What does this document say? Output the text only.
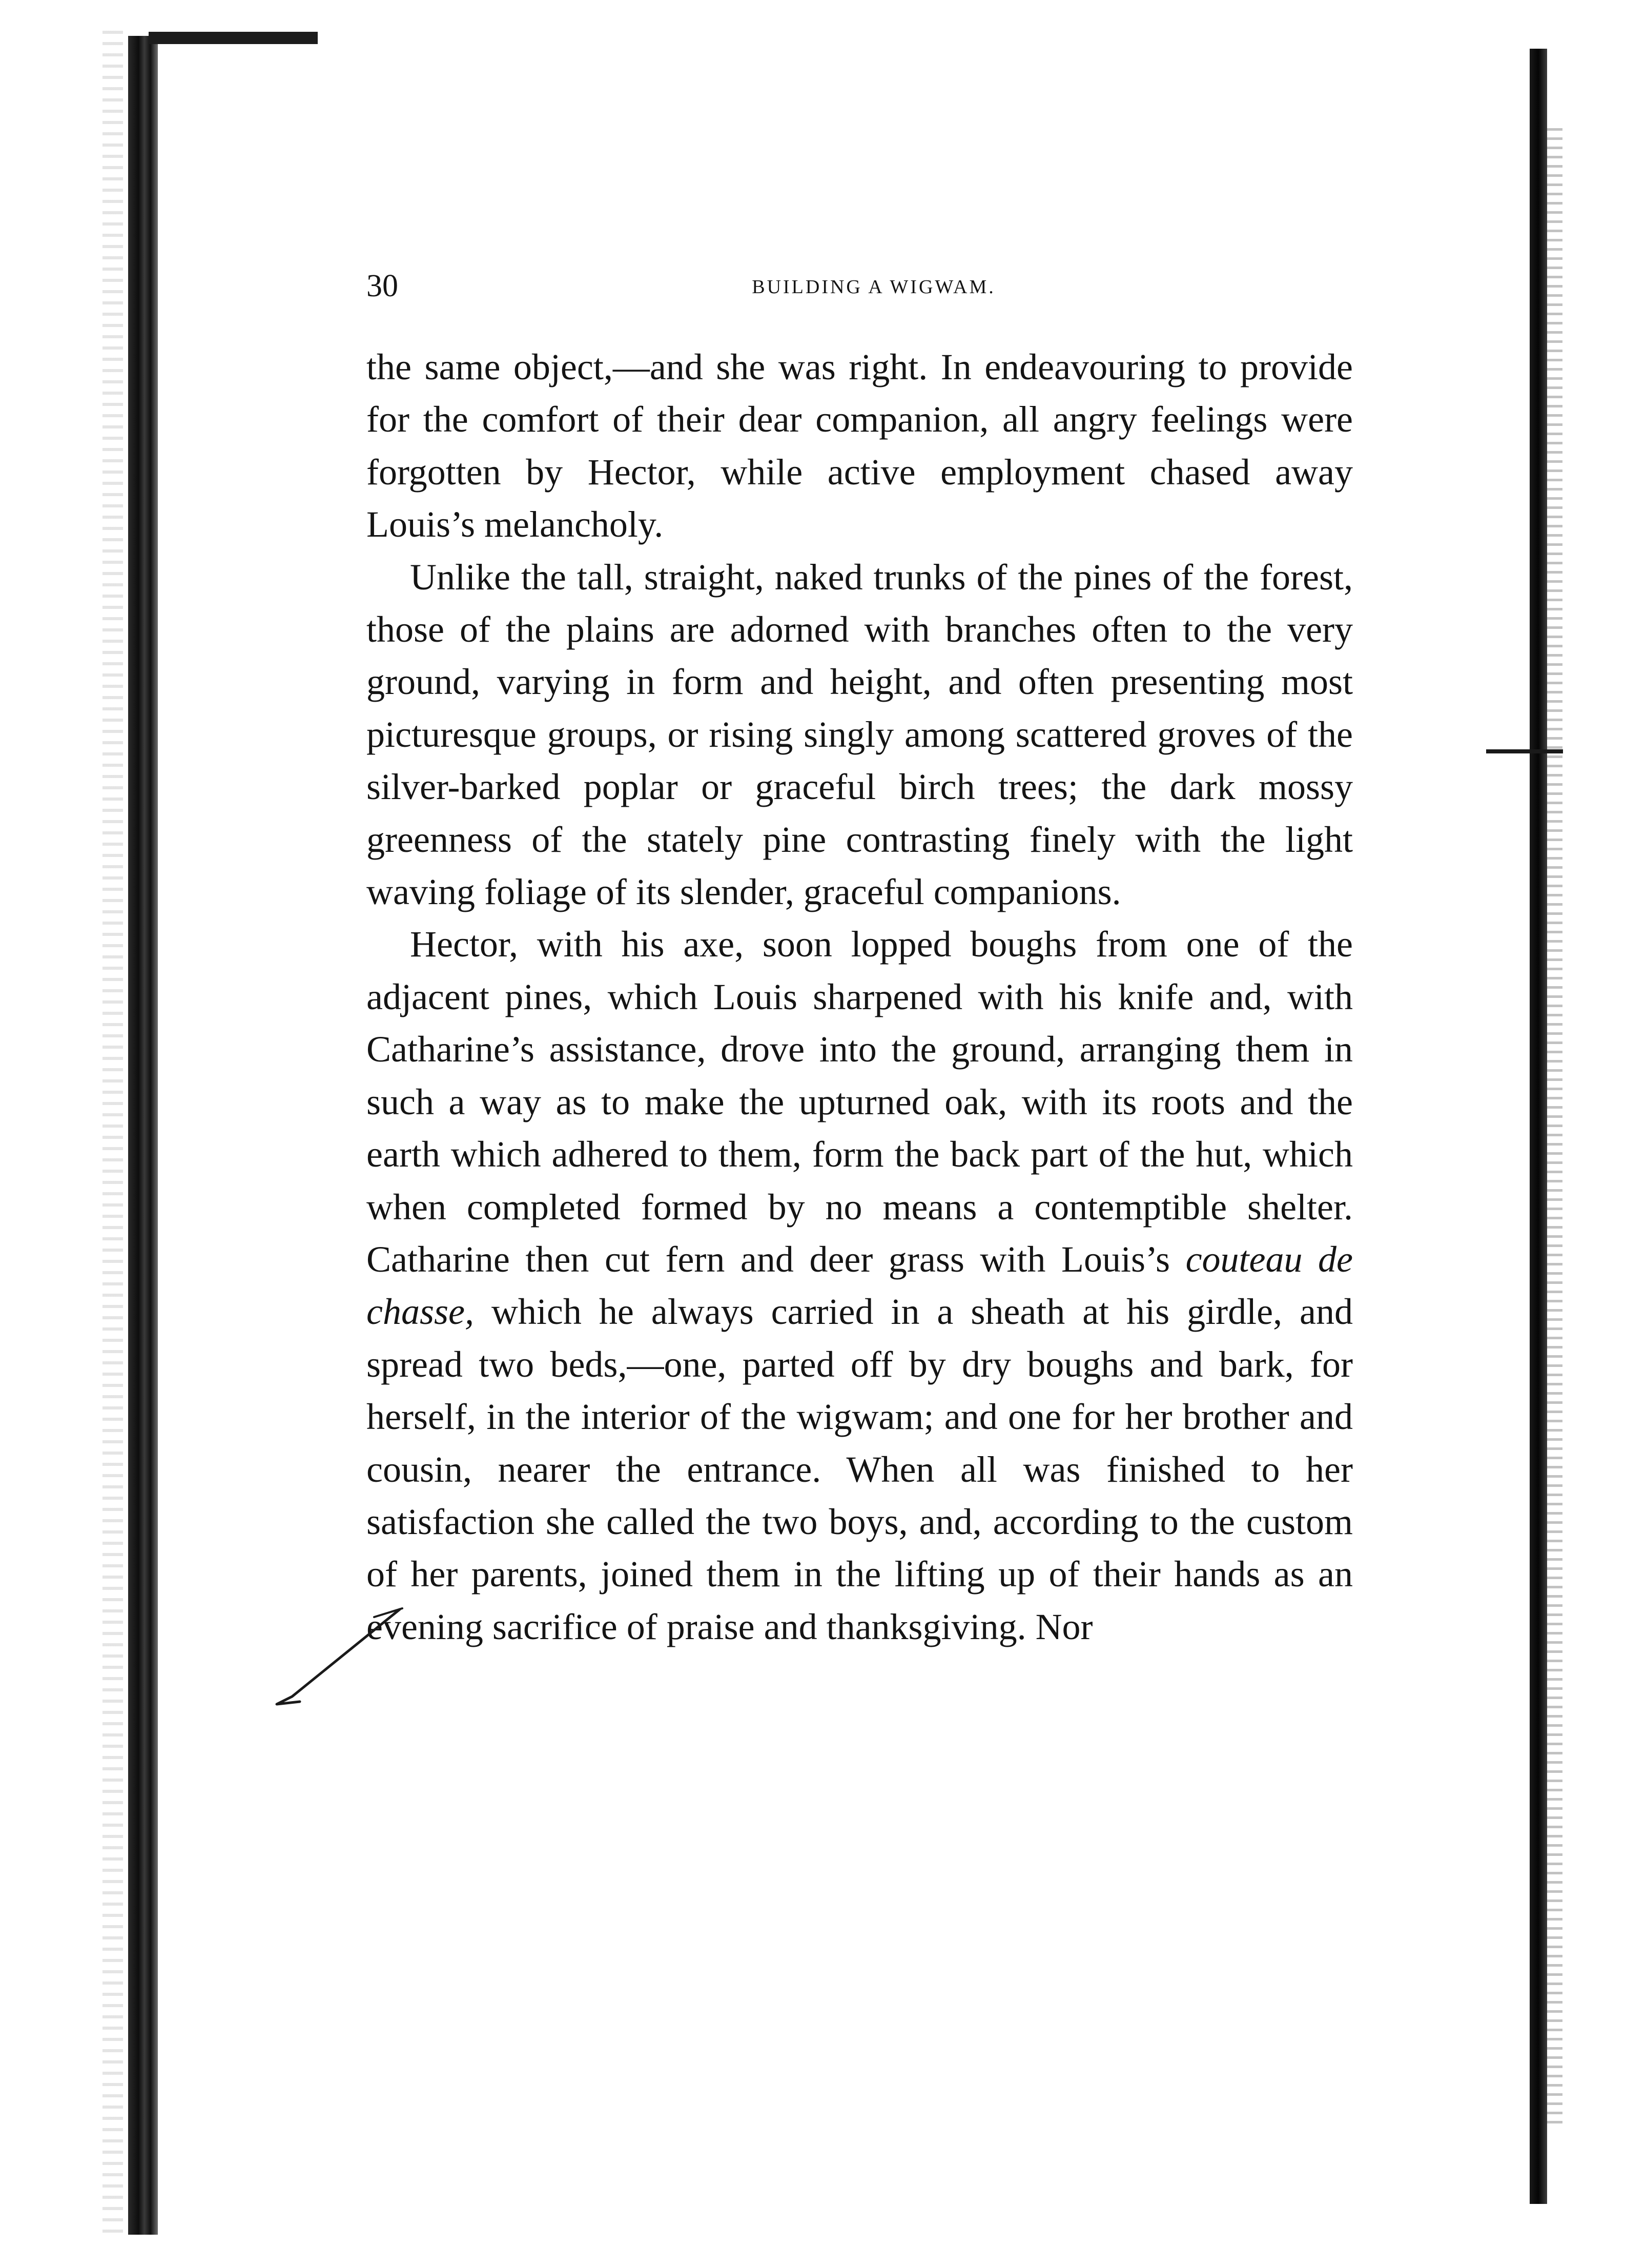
30	BUILDING A WIGWAM.

the same object,—and she was right. In endeavouring to provide for the comfort of their dear companion, all angry feelings were forgotten by Hector, while active employment chased away Louis’s melancholy.

Unlike the tall, straight, naked trunks of the pines of the forest, those of the plains are adorned with branches often to the very ground, varying in form and height, and often presenting most picturesque groups, or rising singly among scattered groves of the silver-barked poplar or graceful birch trees; the dark mossy greenness of the stately pine contrasting finely with the light waving foliage of its slender, graceful companions.

Hector, with his axe, soon lopped boughs from one of the adjacent pines, which Louis sharpened with his knife and, with Catharine’s assistance, drove into the ground, arranging them in such a way as to make the upturned oak, with its roots and the earth which adhered to them, form the back part of the hut, which when completed formed by no means a contemptible shelter. Catharine then cut fern and deer grass with Louis’s couteau de chasse, which he always carried in a sheath at his girdle, and spread two beds,—one, parted off by dry boughs and bark, for herself, in the interior of the wigwam; and one for her brother and cousin, nearer the entrance. When all was finished to her satisfaction she called the two boys, and, according to the custom of her parents, joined them in the lifting up of their hands as an evening sacrifice of praise and thanksgiving. Nor
